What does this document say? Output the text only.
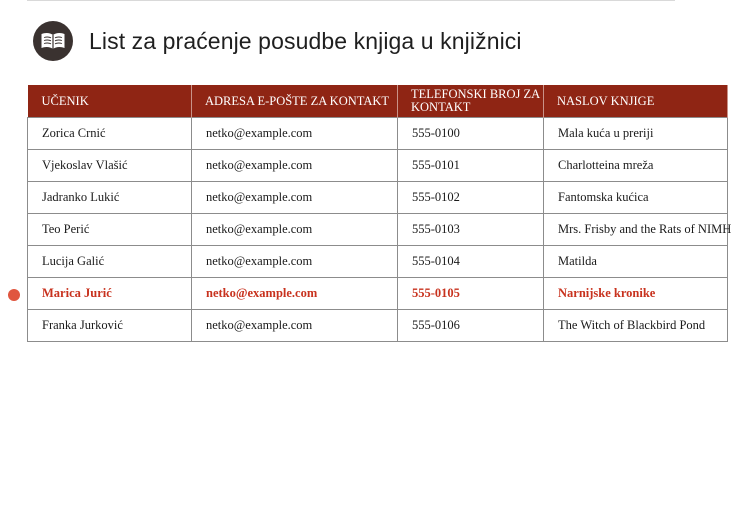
List za praćenje posudbe knjiga u knjižnici
UČENIK	ADRESA E-POŠTE ZA KONTAKT	TELEFONSKI BROJ ZA KONTAKT	NASLOV KNJIGE
Zorica Crnić	netko@example.com	555-0100	Mala kuća u preriji
Vjekoslav Vlašić	netko@example.com	555-0101	Charlotteina mreža
Jadranko Lukić	netko@example.com	555-0102	Fantomska kućica
Teo Perić	netko@example.com	555-0103	Mrs. Frisby and the Rats of NIMH
Lucija Galić	netko@example.com	555-0104	Matilda
Marica Jurić	netko@example.com	555-0105	Narnijske kronike
Franka Jurković	netko@example.com	555-0106	The Witch of Blackbird Pond
